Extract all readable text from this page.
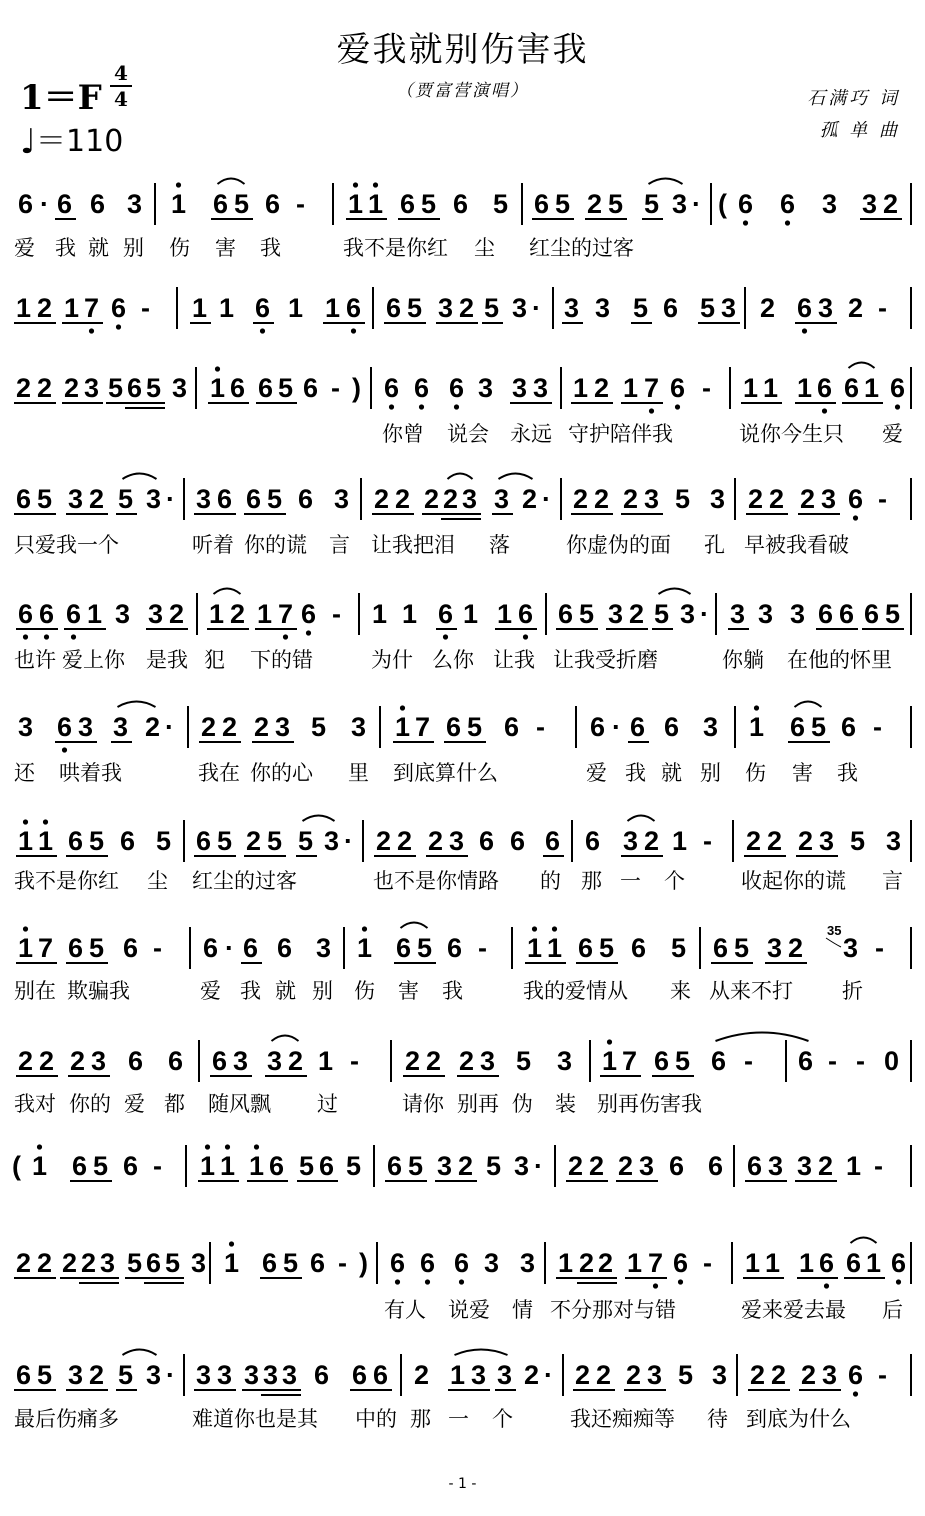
爱我就别伤害我
（贾富营演唱）	石满巧 词
孤 单 曲
1＝F
4
4
♩＝110
6 · 6 6 3 1 6 5 6 - 1 1 6 5 6 5 6 5 2 5 5 3 · ( 6 6 3 3 2
爱 我 就 别 伤 害 我	我不是你红 尘 红尘的过客
1 2 1 7 6 - 1 1 6 1 1 6 6 5 3 2 5 3 · 3 3 5 6 5 3 2 6 3 2 -
2 2 2 3 5 6 5 3 1 6 6 5 6 - ) 6 6 6 3 3 3 1 2 1 7 6 - 1 1 1 6 6 1 6
你曾 说会 永远 守护陪伴我	说你今生只 爱
6 5 3 2 5 3 · 3 6 6 5 6 3 2 2 2 2 3 3 2 · 2 2 2 3 5 3 2 2 2 3 6 -
只爱我一个	听着 你的谎 言 让我把泪 落	你虚伪的面 孔 早被我看破
6 6 6 1 3 3 2 1 2 1 7 6 - 1 1 6 1 1 6 6 5 3 2 5 3 · 3 3 3 6 6 6 5
也许 爱上你 是我 犯 下的错	为什 么你 让我 让我受折磨	你躺 在他的怀里
3 6 3 3 2 · 2 2 2 3 5 3 1 7 6 5 6 - 6 · 6 6 3 1 6 5 6 -
还 哄着我	我在 你的心 里 到底算什么	爱 我 就 别 伤 害 我
1 1 6 5 6 5 6 5 2 5 5 3 · 2 2 2 3 6 6 6 6 3 2 1 - 2 2 2 3 5 3
我不是你红 尘 红尘的过客	也不是你情路 的 那 一 个	收起你的谎 言
1 7 6 5 6 - 6 · 6 6 3 1 6 5 6 - 1 1 6 5 6 5 6 5 3 2
35
3 -
别在 欺骗我	爱 我 就 别 伤 害 我	我的爱情从 来 从来不打 折
2 2 2 3 6 6 6 3 3 2 1 - 2 2 2 3 5 3 1 7 6 5 6 - 6 - - 0
我对 你的 爱 都 随风飘 过	请你 别再 伪 装 别再伤害我
( 1 6 5 6 - 1 1 1 6 5 6 5 6 5 3 2 5 3 · 2 2 2 3 6 6 6 3 3 2 1 -
2 2 2 2 3 5 6 5 3 1 6 5 6 - ) 6 6 6 3 3 1 2 2 1 7 6 - 1 1 1 6 6 1 6
有人 说爱 情 不分那对与错	爱来爱去最 后
6 5 3 2 5 3 · 3 3 3 3 3 6 6 6 2 1 3 3 2 · 2 2 2 3 5 3 2 2 2 3 6 -
最后伤痛多	难道你也是其 中的 那 一 个	我还痴痴等 待 到底为什么
- 1 -
